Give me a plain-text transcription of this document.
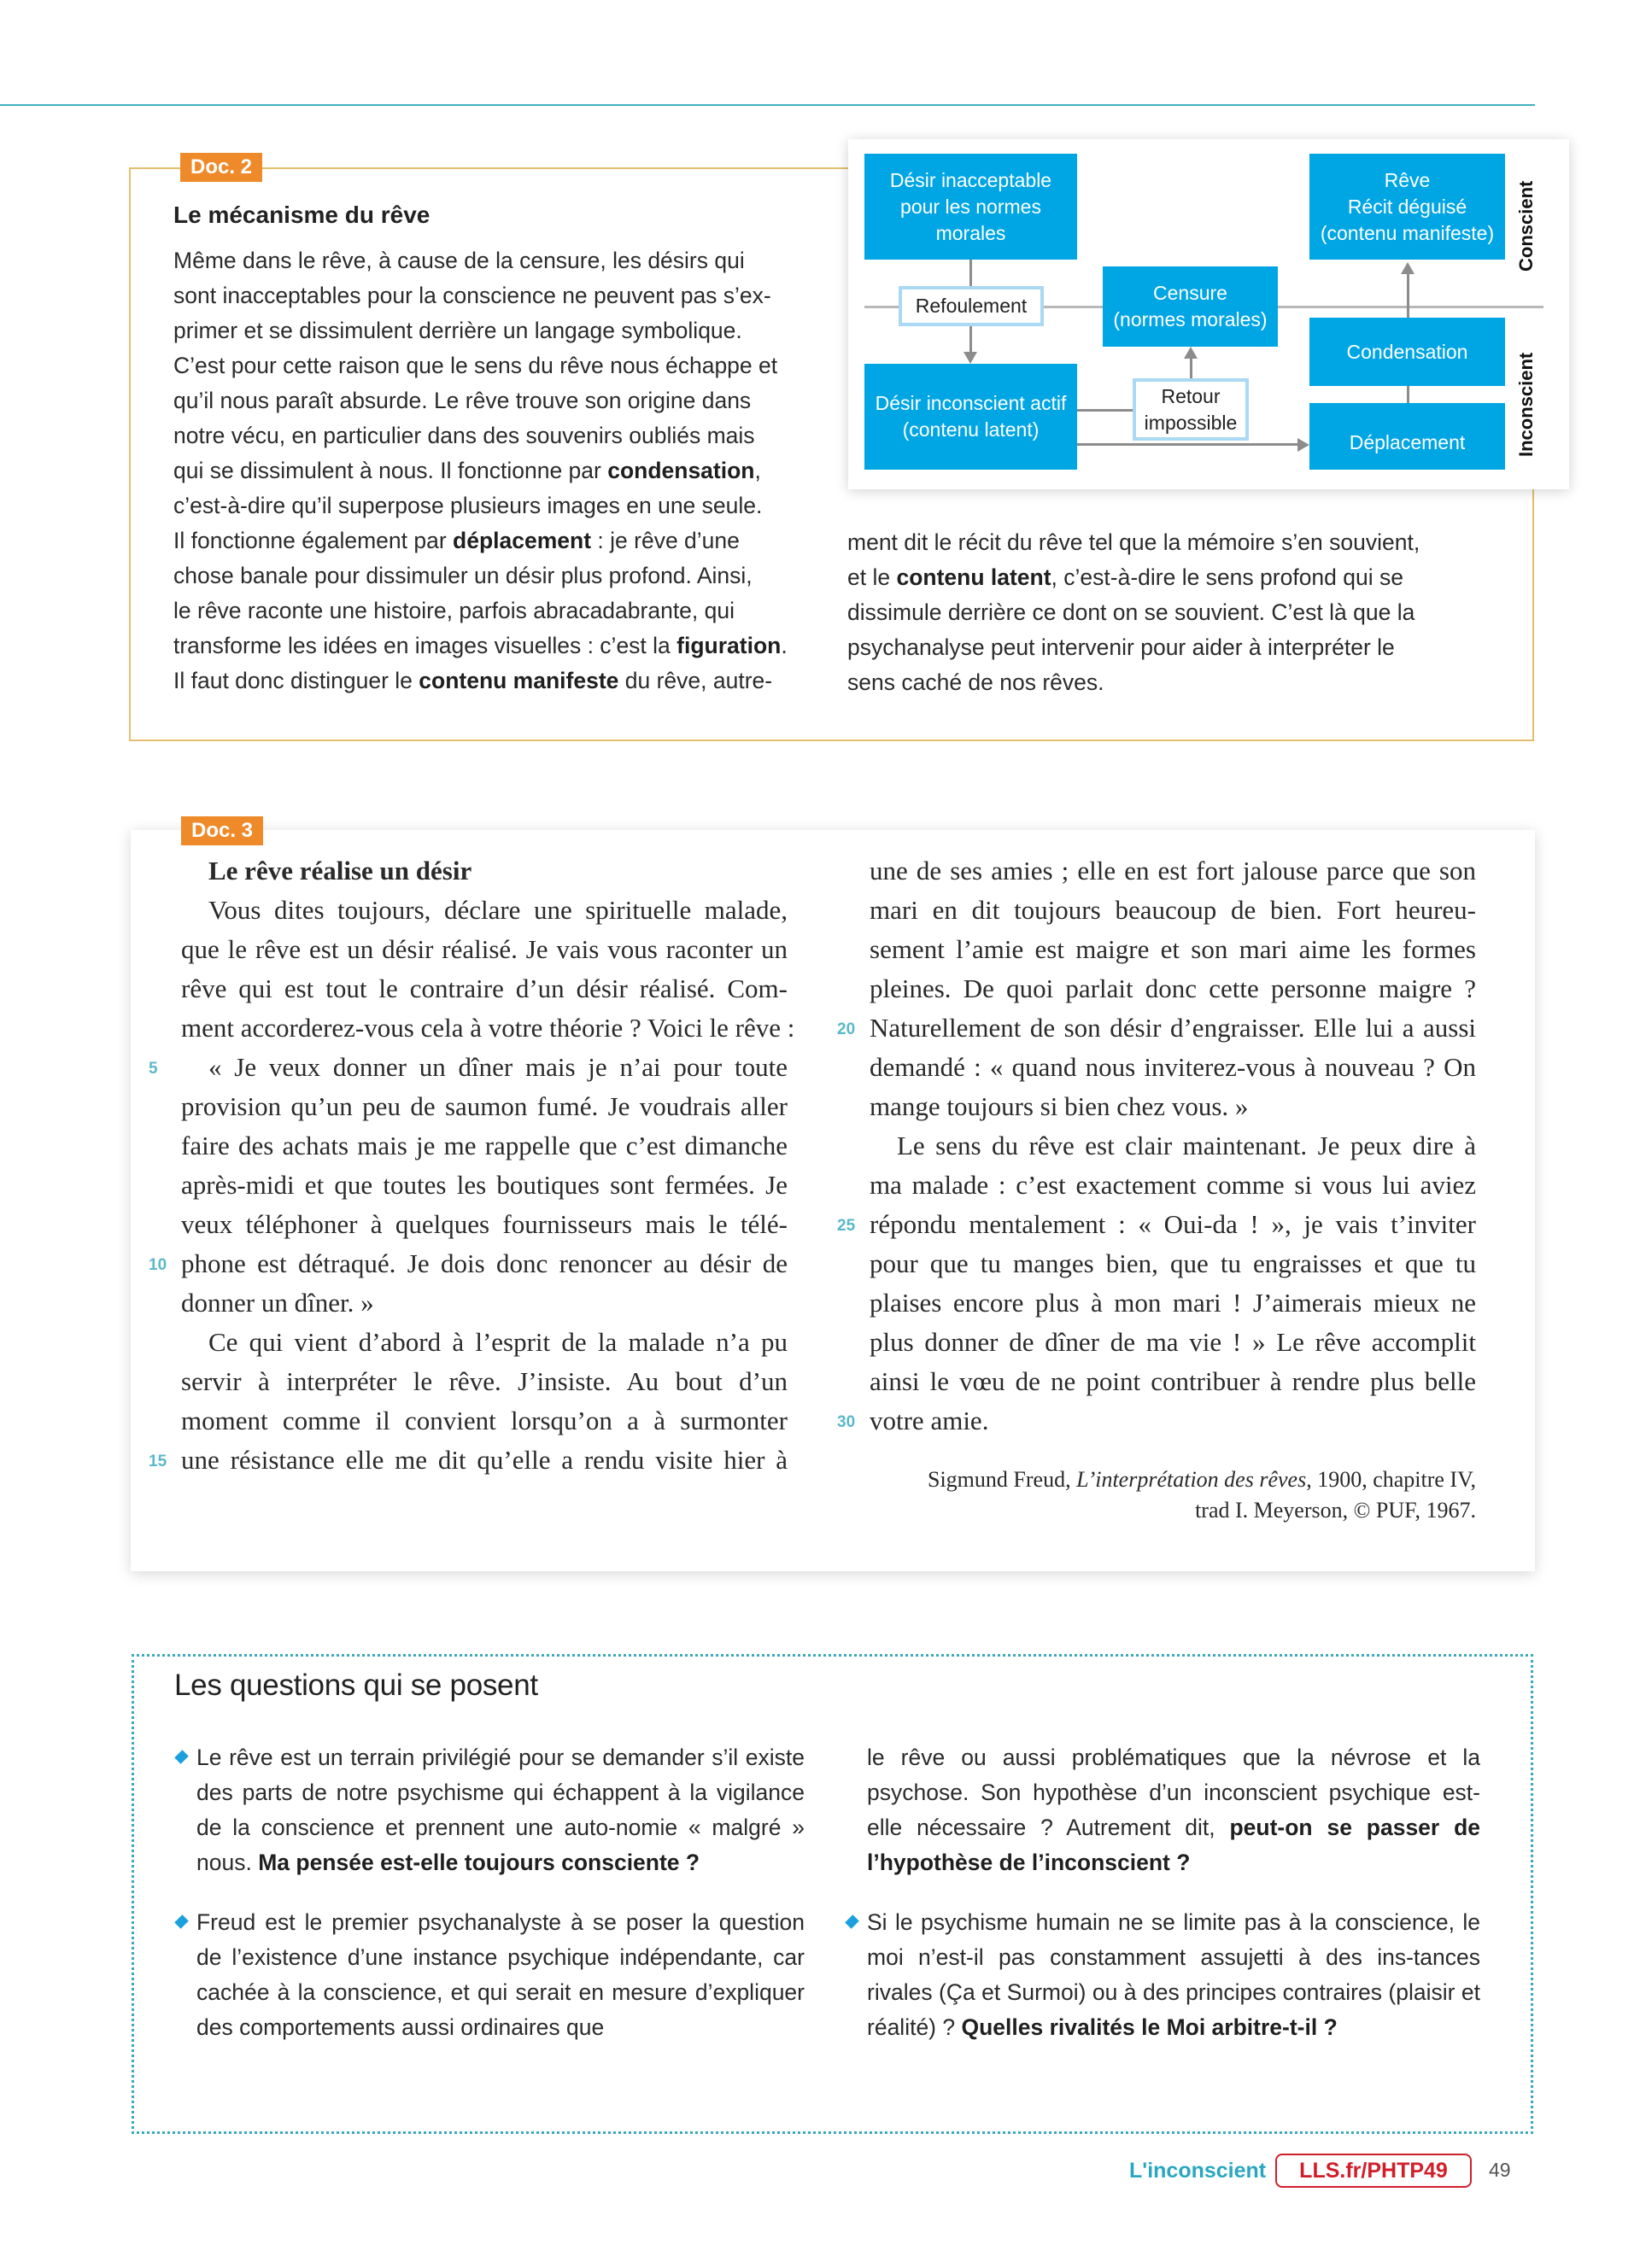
Doc. 2
Le mécanisme du rêve

Même dans le rêve, à cause de la censure, les désirs qui

sont inacceptables pour la conscience ne peuvent pas s’ex-

primer et se dissimulent derrière un langage symbolique.

C’est pour cette raison que le sens du rêve nous échappe et

qu’il nous paraît absurde. Le rêve trouve son origine dans

notre vécu, en particulier dans des souvenirs oubliés mais

qui se dissimulent à nous. Il fonctionne par condensation,

c’est-à-dire qu’il superpose plusieurs images en une seule.

Il fonctionne également par déplacement : je rêve d’une

chose banale pour dissimuler un désir plus profond. Ainsi,

le rêve raconte une histoire, parfois abracadabrante, qui

transforme les idées en images visuelles : c’est la figuration.

Il faut donc distinguer le contenu manifeste du rêve, autre-

ment dit le récit du rêve tel que la mémoire s’en souvient,

et le contenu latent, c’est-à-dire le sens profond qui se

dissimule derrière ce dont on se souvient. C’est là que la

psychanalyse peut intervenir pour aider à interpréter le

sens caché de nos rêves.

Désir inacceptable
pour les normes
morales
Rêve
Récit déguisé
(contenu manifeste)
Refoulement
Censure
(normes morales)
Désir inconscient actif
(contenu latent)
Retour
impossible
Condensation
Déplacement
Conscient
Inconscient
Le rêve réalise un désir
Vous dites toujours, déclare une spirituelle malade,
que le rêve est un désir réalisé. Je vais vous raconter un
rêve qui est tout le contraire d’un désir réalisé. Com-
ment accorderez-vous cela à votre théorie ? Voici le rêve :
5	« Je veux donner un dîner mais je n’ai pour toute
provision qu’un peu de saumon fumé. Je voudrais aller
faire des achats mais je me rappelle que c’est dimanche
après-midi et que toutes les boutiques sont fermées. Je
veux téléphoner à quelques fournisseurs mais le télé-
10 phone est détraqué. Je dois donc renoncer au désir de
donner un dîner. »
Ce qui vient d’abord à l’esprit de la malade n’a pu
servir à interpréter le rêve. J’insiste. Au bout d’un
moment comme il convient lorsqu’on a à surmonter
15 une résistance elle me dit qu’elle a rendu visite hier à
une de ses amies ; elle en est fort jalouse parce que son
mari en dit toujours beaucoup de bien. Fort heureu-
sement l’amie est maigre et son mari aime les formes
pleines. De quoi parlait donc cette personne maigre ?
20 Naturellement de son désir d’engraisser. Elle lui a aussi
demandé : « quand nous inviterez-vous à nouveau ? On
mange toujours si bien chez vous. »
Le sens du rêve est clair maintenant. Je peux dire à
ma malade : c’est exactement comme si vous lui aviez
25 répondu mentalement : « Oui-da ! », je vais t’inviter
pour que tu manges bien, que tu engraisses et que tu
plaises encore plus à mon mari ! J’aimerais mieux ne
plus donner de dîner de ma vie ! » Le rêve accomplit
ainsi le vœu de ne point contribuer à rendre plus belle
30 votre amie.
Sigmund Freud, L’interprétation des rêves, 1900, chapitre IV,
trad I. Meyerson, © PUF, 1967.
Doc. 3
Les questions qui se posent
Le rêve est un terrain privilégié pour se demander s’il existe des parts de notre psychisme qui échappent à la vigilance de la conscience et prennent une auto-nomie « malgré » nous. Ma pensée est-elle toujours consciente ?
Freud est le premier psychanalyste à se poser la question de l’existence d’une instance psychique indépendante, car cachée à la conscience, et qui serait en mesure d’expliquer des comportements aussi ordinaires que
le rêve ou aussi problématiques que la névrose et la psychose. Son hypothèse d’un inconscient psychique est-elle nécessaire ? Autrement dit, peut-on se passer de l’hypothèse de l’inconscient ?
Si le psychisme humain ne se limite pas à la conscience, le moi n’est-il pas constamment assujetti à des ins-tances rivales (Ça et Surmoi) ou à des principes contraires (plaisir et réalité) ? Quelles rivalités le Moi arbitre-t-il ?
L'inconscient	LLS.fr/PHTP49	49
